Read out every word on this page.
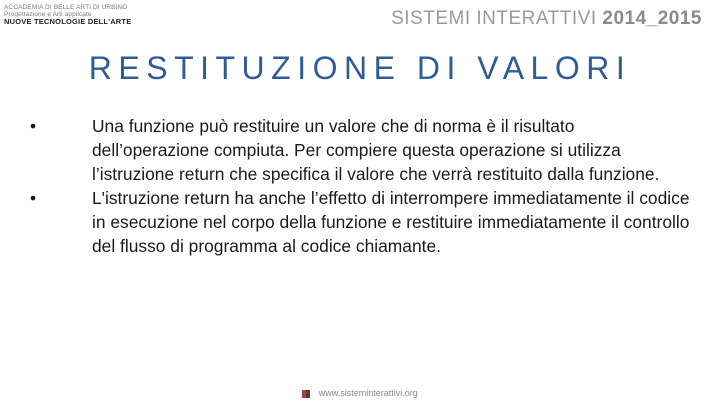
ACCADEMIA DI BELLE ARTI DI URBINO
Progettazione e Arti applicate
NUOVE TECNOLOGIE DELL'ARTE	SISTEMI INTERATTIVI 2014_2015
RESTITUZIONE DI VALORI
•	Una funzione può restituire un valore che di norma è il risultato dell’operazione compiuta. Per compiere questa operazione si utilizza l’istruzione return che specifica il valore che verrà restituito dalla funzione.
•	L'istruzione return ha anche l’effetto di interrompere immediatamente il codice in esecuzione nel corpo della funzione e restituire immediatamente il controllo del flusso di programma al codice chiamante.
www.sisteminterattivi.org
